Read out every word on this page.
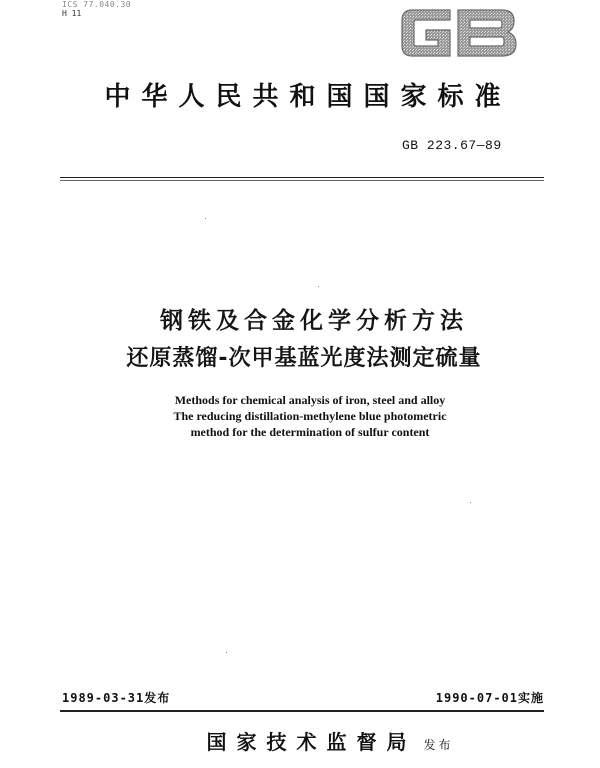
ICS 77.040.30
H 11
中华人民共和国国家标准
GB 223.67—89
钢铁及合金化学分析方法
还原蒸馏-次甲基蓝光度法测定硫量
Methods for chemical analysis of iron, steel and alloy
The reducing distillation-methylene blue photometric
method for the determination of sulfur content
1989-03-31发布	1990-07-01实施
国家技术监督局 发布
